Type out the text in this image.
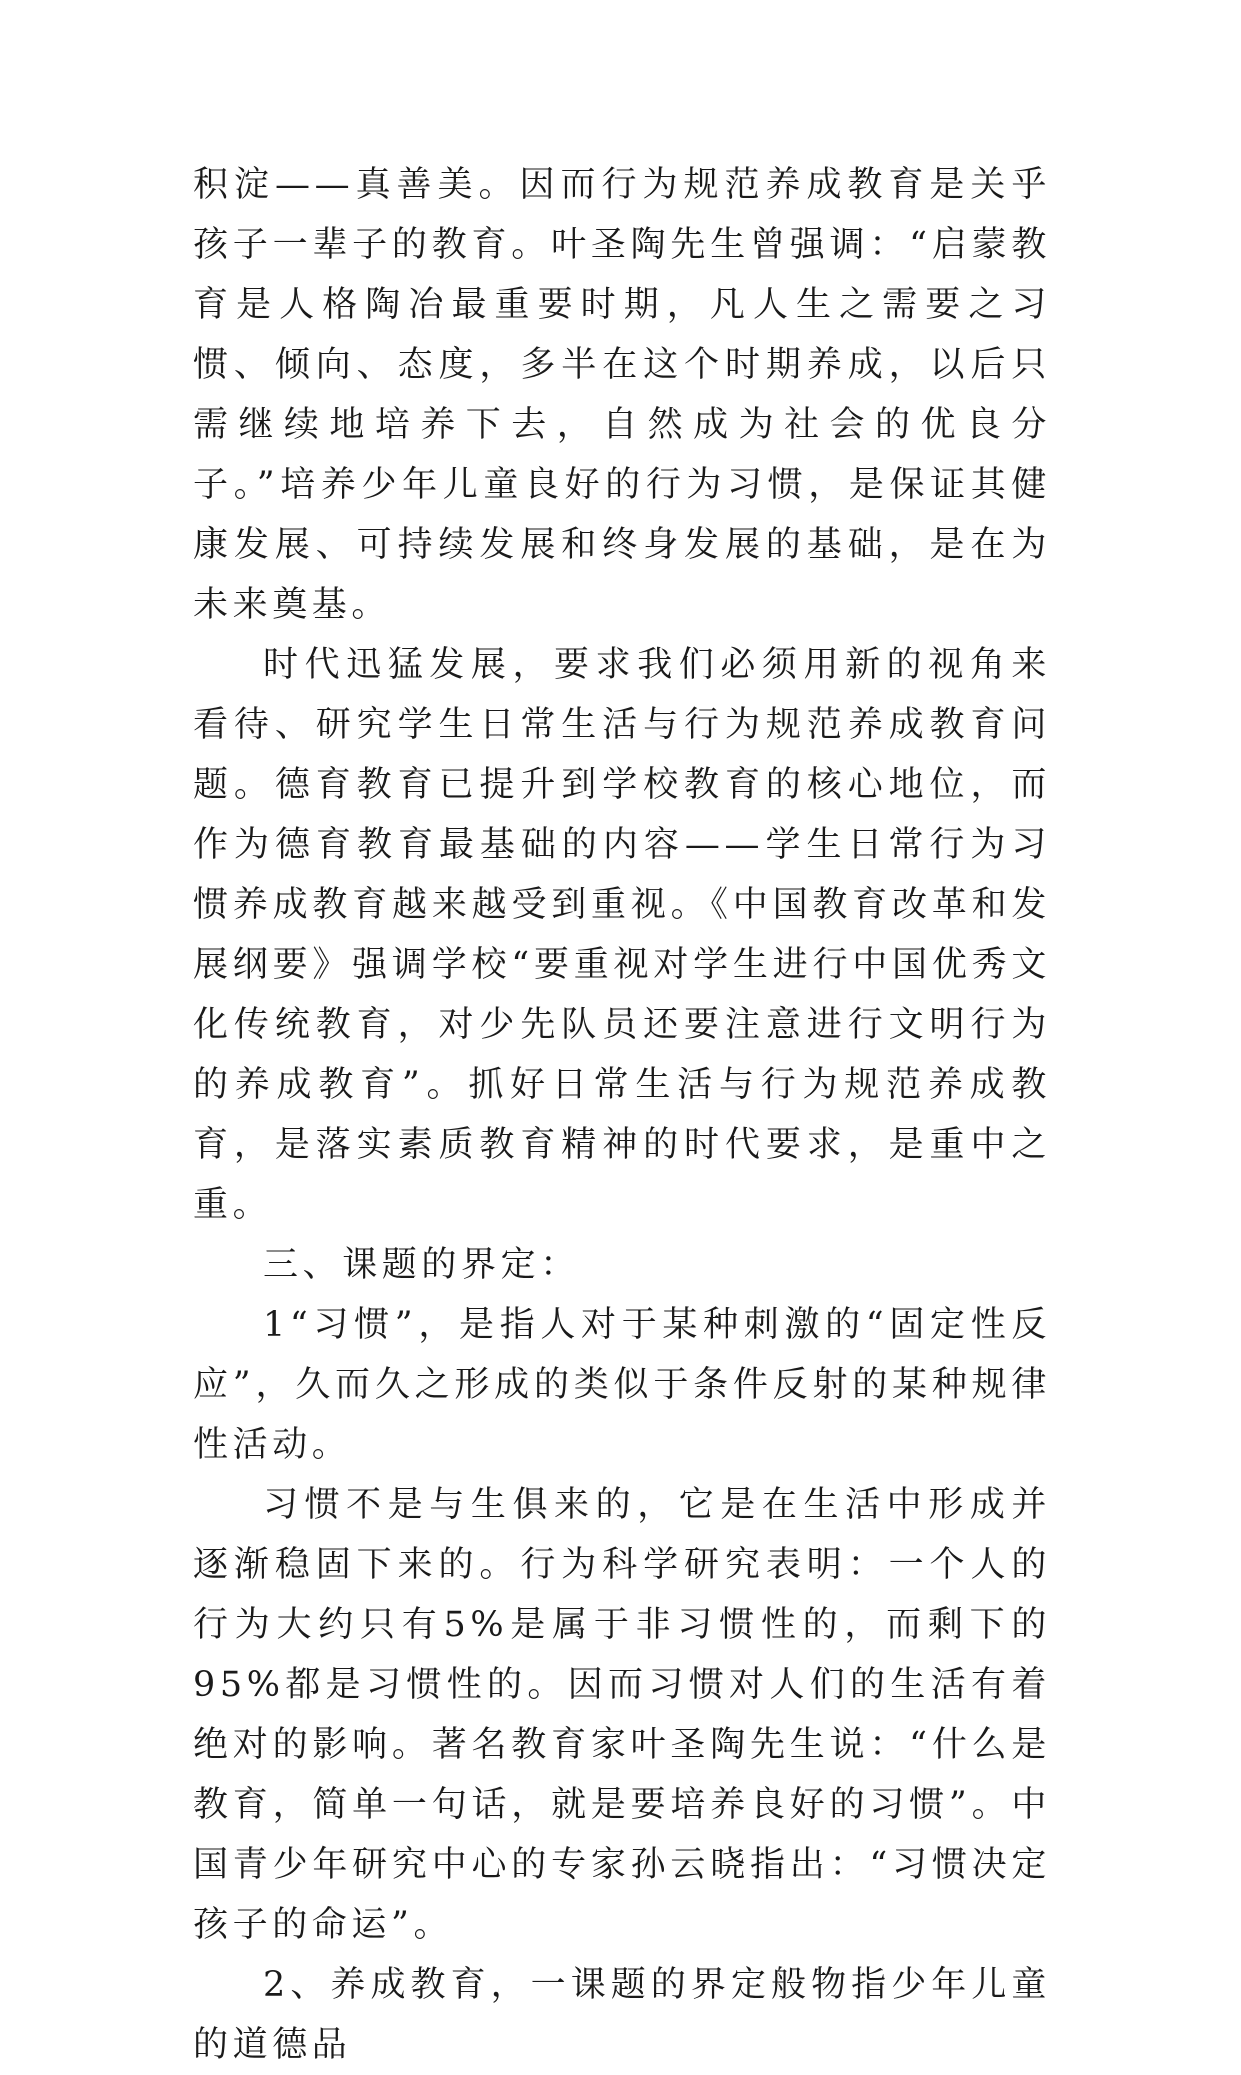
积淀——真善美。因而行为规范养成教育是关乎孩子一辈子的教育。叶圣陶先生曾强调：“启蒙教育是人格陶冶最重要时期，凡人生之需要之习惯、倾向、态度，多半在这个时期养成，以后只需继续地培养下去，自然成为社会的优良分子。”培养少年儿童良好的行为习惯，是保证其健康发展、可持续发展和终身发展的基础，是在为未来奠基。

时代迅猛发展，要求我们必须用新的视角来看待、研究学生日常生活与行为规范养成教育问题。德育教育已提升到学校教育的核心地位，而作为德育教育最基础的内容——学生日常行为习惯养成教育越来越受到重视。《中国教育改革和发展纲要》强调学校“要重视对学生进行中国优秀文化传统教育，对少先队员还要注意进行文明行为的养成教育”。抓好日常生活与行为规范养成教育，是落实素质教育精神的时代要求，是重中之重。

三、课题的界定：

1“习惯”，是指人对于某种刺激的“固定性反应”，久而久之形成的类似于条件反射的某种规律性活动。

习惯不是与生俱来的，它是在生活中形成并逐渐稳固下来的。行为科学研究表明：一个人的行为大约只有5%是属于非习惯性的，而剩下的95%都是习惯性的。因而习惯对人们的生活有着绝对的影响。著名教育家叶圣陶先生说：“什么是教育，简单一句话，就是要培养良好的习惯”。中国青少年研究中心的专家孙云晓指出：“习惯决定孩子的命运”。

2、养成教育，一课题的界定般物指少年儿童的道德品
